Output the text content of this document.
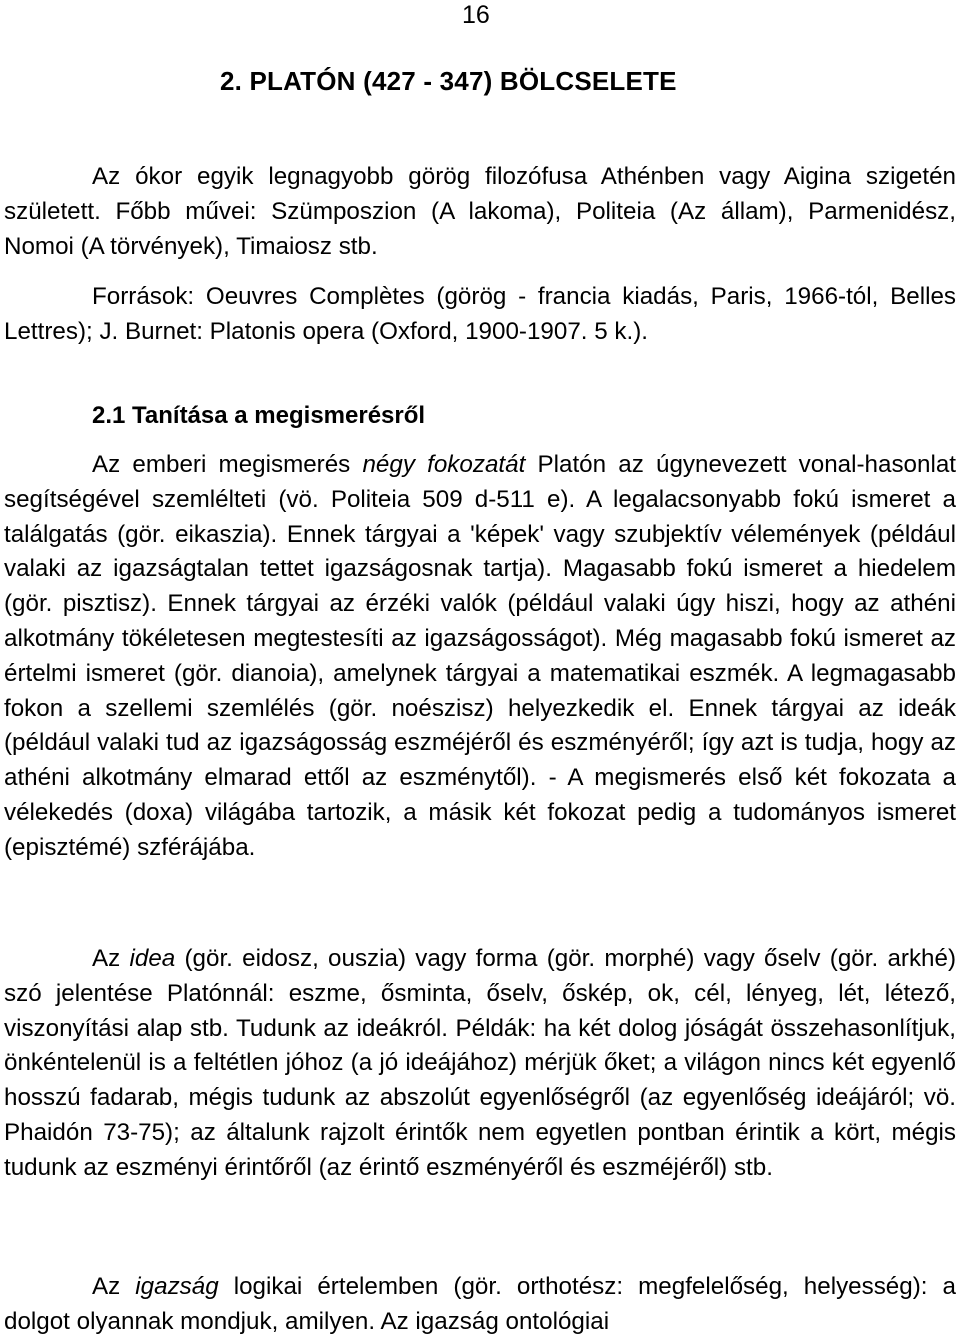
16
2. PLATÓN (427 - 347) BÖLCSELETE

Az ókor egyik legnagyobb görög filozófusa Athénben vagy Aigina szigetén született. Főbb művei: Szümposzion (A lakoma), Politeia (Az állam), Parmenidész, Nomoi (A törvények), Timaiosz stb.

Források: Oeuvres Complètes (görög - francia kiadás, Paris, 1966-tól, Belles Lettres); J. Burnet: Platonis opera (Oxford, 1900-1907. 5 k.).

2.1 Tanítása a megismerésről

Az emberi megismerés négy fokozatát Platón az úgynevezett vonal-hasonlat segítségével szemlélteti (vö. Politeia 509 d-511 e). A legalacsonyabb fokú ismeret a találgatás (gör. eikaszia). Ennek tárgyai a 'képek' vagy szubjektív vélemények (például valaki az igazságtalan tettet igazságosnak tartja). Magasabb fokú ismeret a hiedelem (gör. pisztisz). Ennek tárgyai az érzéki valók (például valaki úgy hiszi, hogy az athéni alkotmány tökéletesen megtestesíti az igazságosságot). Még magasabb fokú ismeret az értelmi ismeret (gör. dianoia), amelynek tárgyai a matematikai eszmék. A legmagasabb fokon a szellemi szemlélés (gör. noészisz) helyezkedik el. Ennek tárgyai az ideák (például valaki tud az igazságosság eszméjéről és eszményéről; így azt is tudja, hogy az athéni alkotmány elmarad ettől az eszménytől). - A megismerés első két fokozata a vélekedés (doxa) világába tartozik, a másik két fokozat pedig a tudományos ismeret (episztémé) szférájába.

Az idea (gör. eidosz, ouszia) vagy forma (gör. morphé) vagy őselv (gör. arkhé) szó jelentése Platónnál: eszme, ősminta, őselv, őskép, ok, cél, lényeg, lét, létező, viszonyítási alap stb. Tudunk az ideákról. Példák: ha két dolog jóságát összehasonlítjuk, önkéntelenül is a feltétlen jóhoz (a jó ideájához) mérjük őket; a világon nincs két egyenlő hosszú fadarab, mégis tudunk az abszolút egyenlőségről (az egyenlőség ideájáról; vö. Phaidón 73-75); az általunk rajzolt érintők nem egyetlen pontban érintik a kört, mégis tudunk az eszményi érintőről (az érintő eszményéről és eszméjéről) stb.

Az igazság logikai értelemben (gör. orthotész: megfelelőség, helyesség): a dolgot olyannak mondjuk, amilyen. Az igazság ontológiai
